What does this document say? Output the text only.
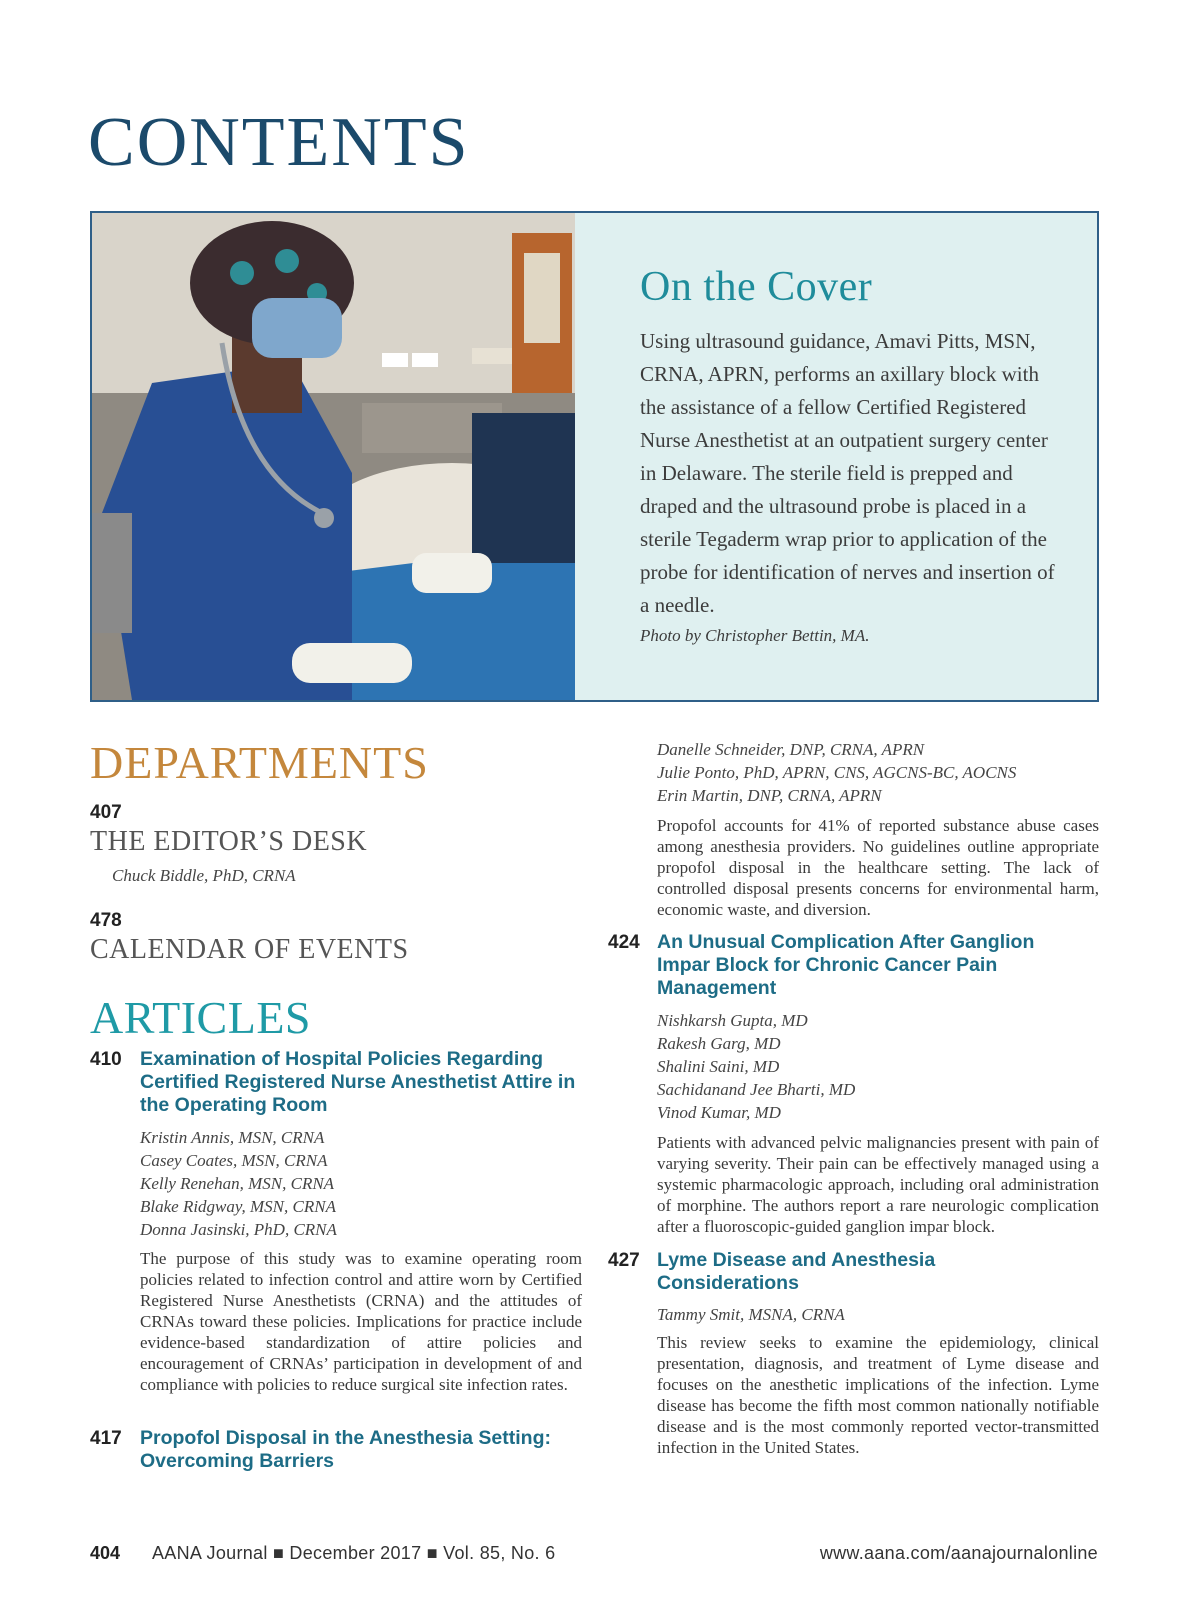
CONTENTS
On the Cover

Using ultrasound guidance, Amavi Pitts, MSN, CRNA, APRN, performs an axillary block with the assistance of a fellow Certified Registered Nurse Anesthetist at an outpatient surgery center in Delaware. The sterile field is prepped and draped and the ultrasound probe is placed in a sterile Tegaderm wrap prior to application of the probe for identification of nerves and insertion of a needle.

Photo by Christopher Bettin, MA.

DEPARTMENTS
407
THE EDITOR’S DESK
Chuck Biddle, PhD, CRNA
478
CALENDAR OF EVENTS
ARTICLES
410 Examination of Hospital Policies Regarding Certified Registered Nurse Anesthetist Attire in the Operating Room

Kristin Annis, MSN, CRNA

Casey Coates, MSN, CRNA

Kelly Renehan, MSN, CRNA

Blake Ridgway, MSN, CRNA

Donna Jasinski, PhD, CRNA

The purpose of this study was to examine operating room policies related to infection control and attire worn by Certified Registered Nurse Anesthetists (CRNA) and the attitudes of CRNAs toward these policies. Implications for practice include evidence-based standardization of attire policies and encouragement of CRNAs’ participation in development of and compliance with policies to reduce surgical site infection rates.

417 Propofol Disposal in the Anesthesia Setting: Overcoming Barriers

Danelle Schneider, DNP, CRNA, APRN

Julie Ponto, PhD, APRN, CNS, AGCNS-BC, AOCNS

Erin Martin, DNP, CRNA, APRN

Propofol accounts for 41% of reported substance abuse cases among anesthesia providers. No guidelines outline appropriate propofol disposal in the healthcare setting. The lack of controlled disposal presents concerns for environmental harm, economic waste, and diversion.

424 An Unusual Complication After Ganglion Impar Block for Chronic Cancer Pain Management

Nishkarsh Gupta, MD

Rakesh Garg, MD

Shalini Saini, MD

Sachidanand Jee Bharti, MD

Vinod Kumar, MD

Patients with advanced pelvic malignancies present with pain of varying severity. Their pain can be effectively managed using a systemic pharmacologic approach, including oral administration of morphine. The authors report a rare neurologic complication after a fluoroscopic-guided ganglion impar block.

427 Lyme Disease and Anesthesia Considerations

Tammy Smit, MSNA, CRNA

This review seeks to examine the epidemiology, clinical presentation, diagnosis, and treatment of Lyme disease and focuses on the anesthetic implications of the infection. Lyme disease has become the fifth most common nationally notifiable disease and is the most commonly reported vector-transmitted infection in the United States.

404 AANA Journal ■ December 2017 ■ Vol. 85, No. 6	www.aana.com/aanajournalonline
